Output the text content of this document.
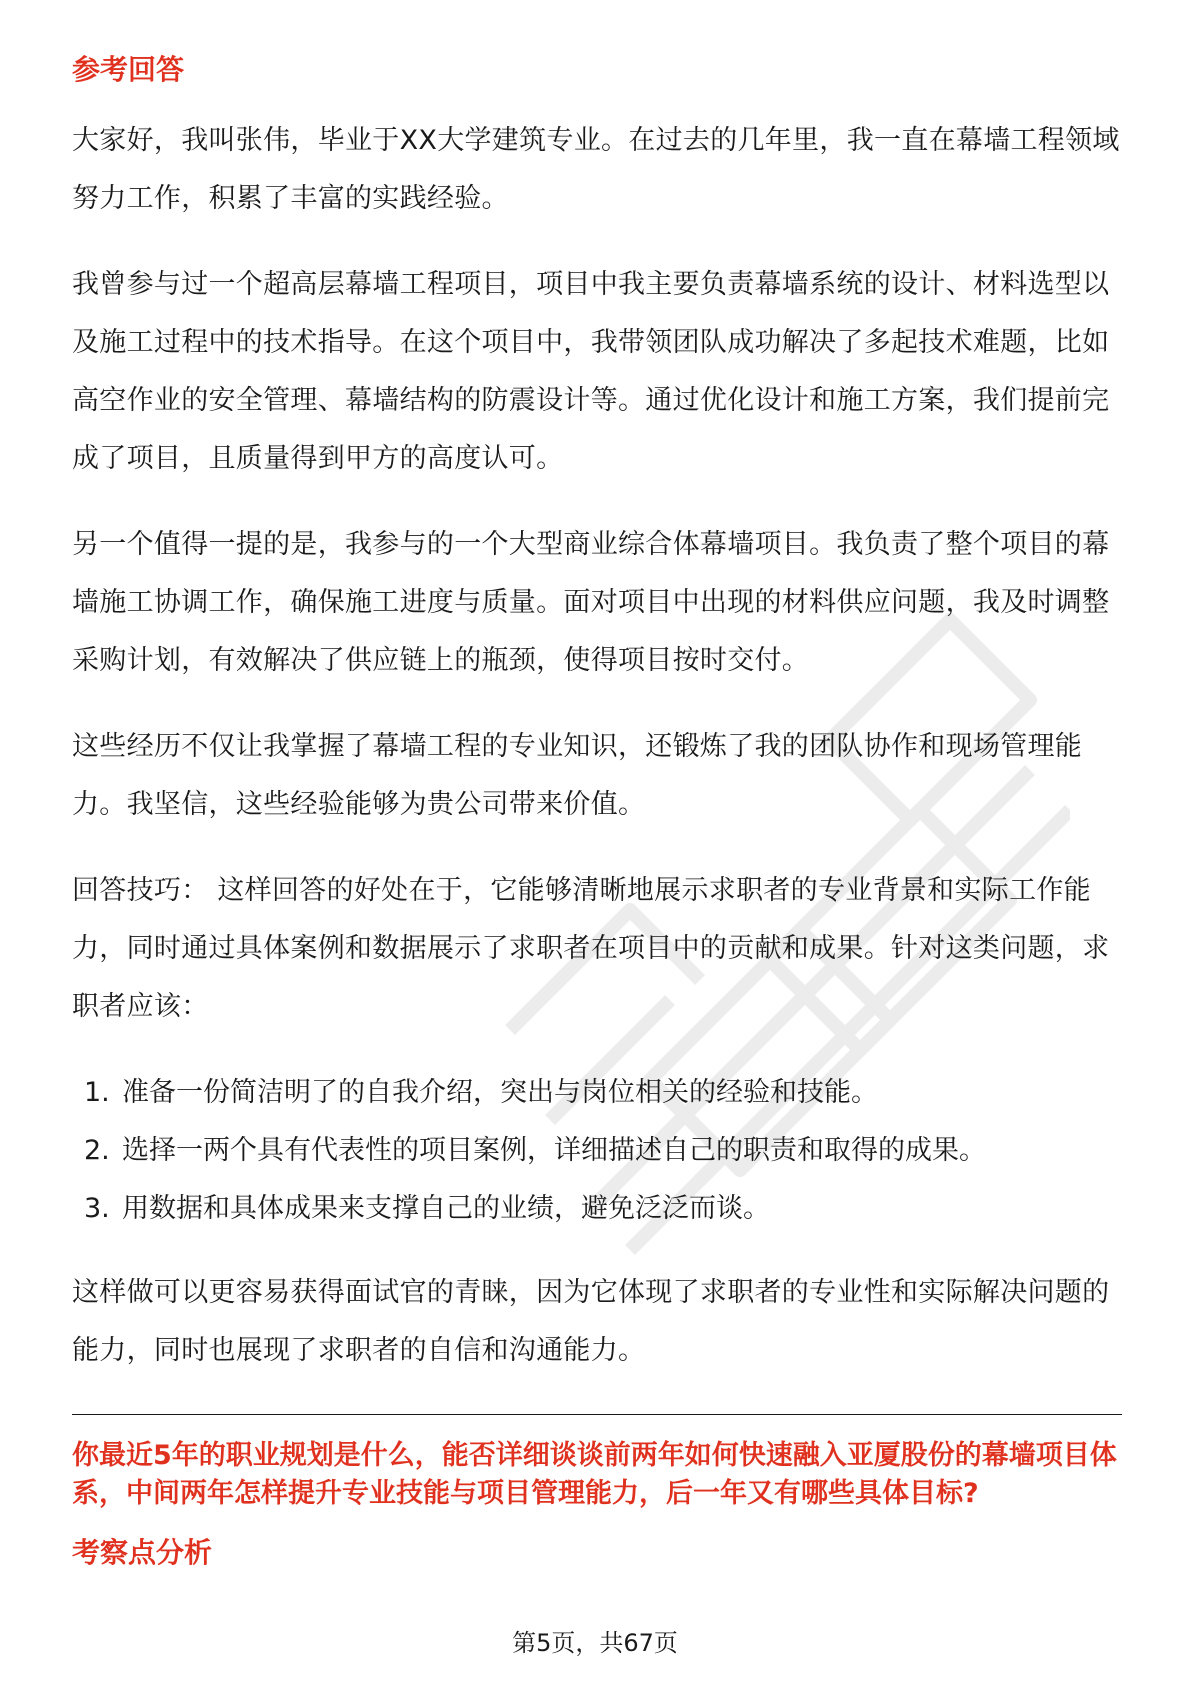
参考回答

大家好，我叫张伟，毕业于XX大学建筑专业。在过去的几年里，我一直在幕墙工程领域努力工作，积累了丰富的实践经验。

我曾参与过一个超高层幕墙工程项目，项目中我主要负责幕墙系统的设计、材料选型以及施工过程中的技术指导。在这个项目中，我带领团队成功解决了多起技术难题，比如高空作业的安全管理、幕墙结构的防震设计等。通过优化设计和施工方案，我们提前完成了项目，且质量得到甲方的高度认可。

另一个值得一提的是，我参与的一个大型商业综合体幕墙项目。我负责了整个项目的幕墙施工协调工作，确保施工进度与质量。面对项目中出现的材料供应问题，我及时调整采购计划，有效解决了供应链上的瓶颈，使得项目按时交付。

这些经历不仅让我掌握了幕墙工程的专业知识，还锻炼了我的团队协作和现场管理能力。我坚信，这些经验能够为贵公司带来价值。

回答技巧： 这样回答的好处在于，它能够清晰地展示求职者的专业背景和实际工作能力，同时通过具体案例和数据展示了求职者在项目中的贡献和成果。针对这类问题，求职者应该：

1. 准备一份简洁明了的自我介绍，突出与岗位相关的经验和技能。
2. 选择一两个具有代表性的项目案例，详细描述自己的职责和取得的成果。
3. 用数据和具体成果来支撑自己的业绩，避免泛泛而谈。

这样做可以更容易获得面试官的青睐，因为它体现了求职者的专业性和实际解决问题的能力，同时也展现了求职者的自信和沟通能力。

你最近5年的职业规划是什么，能否详细谈谈前两年如何快速融入亚厦股份的幕墙项目体系，中间两年怎样提升专业技能与项目管理能力，后一年又有哪些具体目标?
考察点分析
第5页，共67页
